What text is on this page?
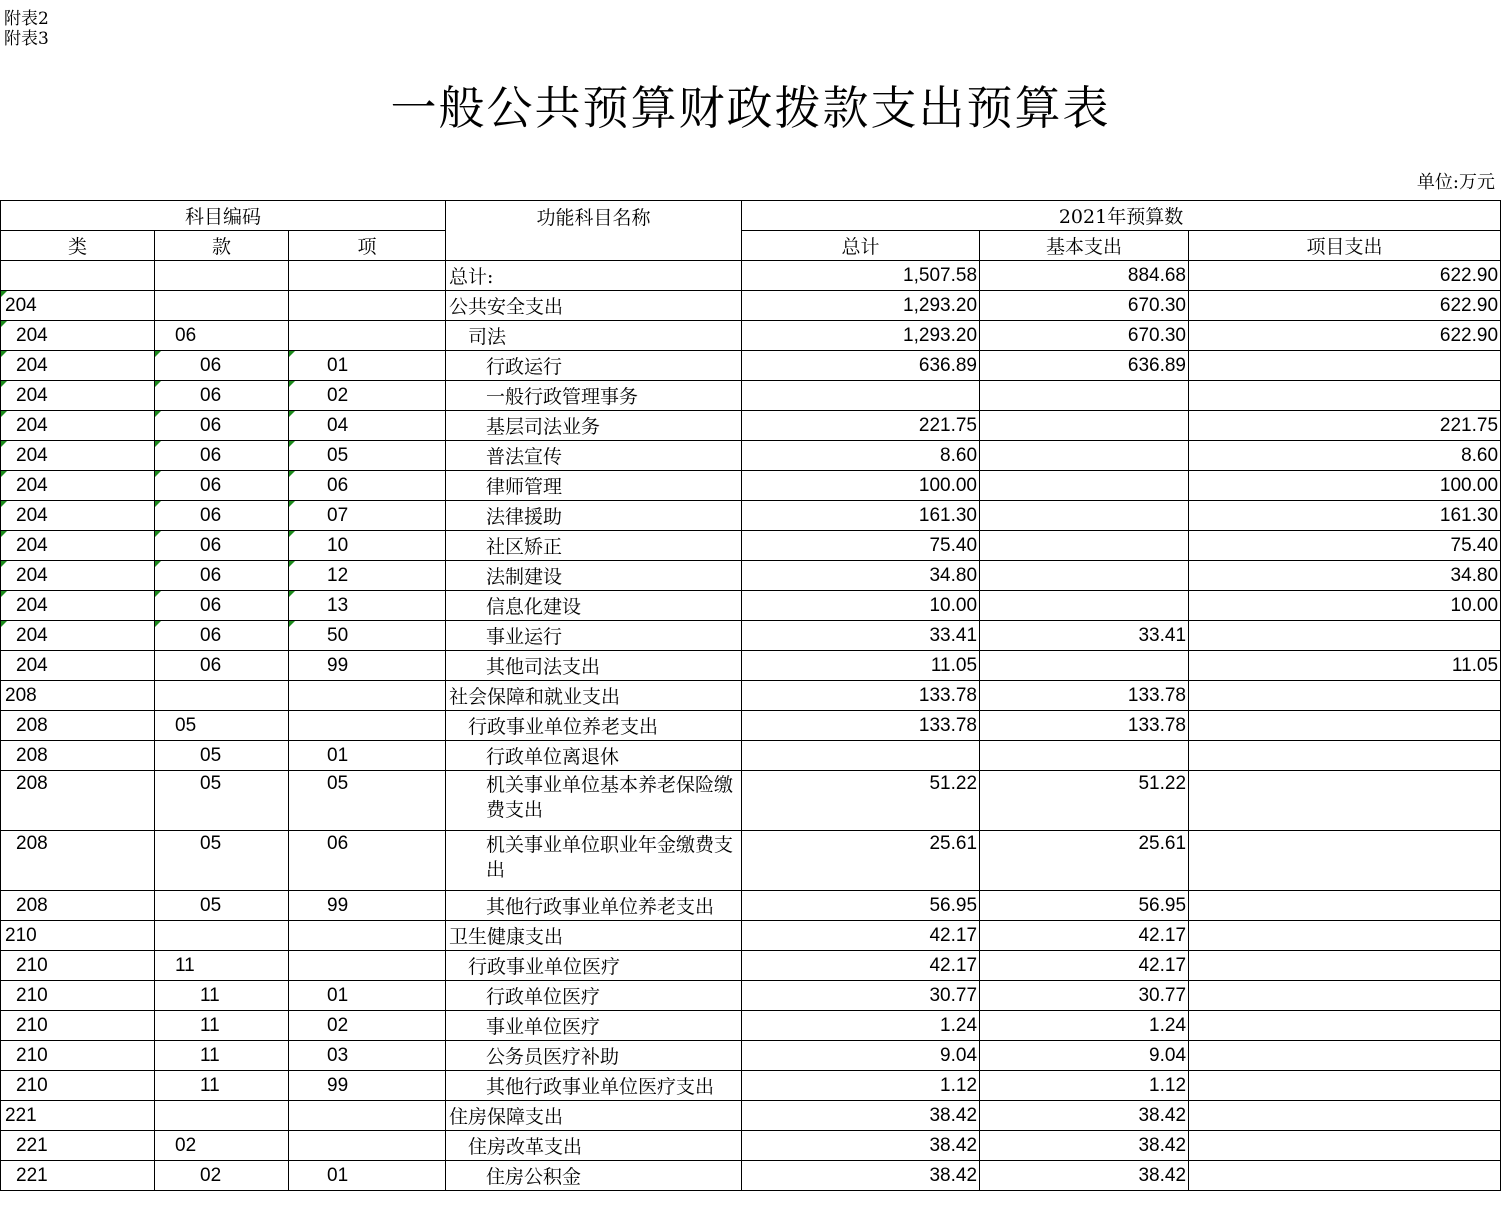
附表2
附表3
一般公共预算财政拨款支出预算表
单位:万元
科目编码			功能科目名称	2021年预算数		
类	款	项		总计	基本支出	项目支出
			总计:	1,507.58	884.68	622.90
204			公共安全支出	1,293.20	670.30	622.90
204	06		司法	1,293.20	670.30	622.90
204	06	01	行政运行	636.89	636.89	
204	06	02	一般行政管理事务			
204	06	04	基层司法业务	221.75		221.75
204	06	05	普法宣传	8.60		8.60
204	06	06	律师管理	100.00		100.00
204	06	07	法律援助	161.30		161.30
204	06	10	社区矫正	75.40		75.40
204	06	12	法制建设	34.80		34.80
204	06	13	信息化建设	10.00		10.00
204	06	50	事业运行	33.41	33.41	
204	06	99	其他司法支出	11.05		11.05
208			社会保障和就业支出	133.78	133.78	
208	05		行政事业单位养老支出	133.78	133.78	
208	05	01	行政单位离退休			
208	05	05	机关事业单位基本养老保险缴费支出	51.22	51.22	
208	05	06	机关事业单位职业年金缴费支出	25.61	25.61	
208	05	99	其他行政事业单位养老支出	56.95	56.95	
210			卫生健康支出	42.17	42.17	
210	11		行政事业单位医疗	42.17	42.17	
210	11	01	行政单位医疗	30.77	30.77	
210	11	02	事业单位医疗	1.24	1.24	
210	11	03	公务员医疗补助	9.04	9.04	
210	11	99	其他行政事业单位医疗支出	1.12	1.12	
221			住房保障支出	38.42	38.42	
221	02		住房改革支出	38.42	38.42	
221	02	01	住房公积金	38.42	38.42	
